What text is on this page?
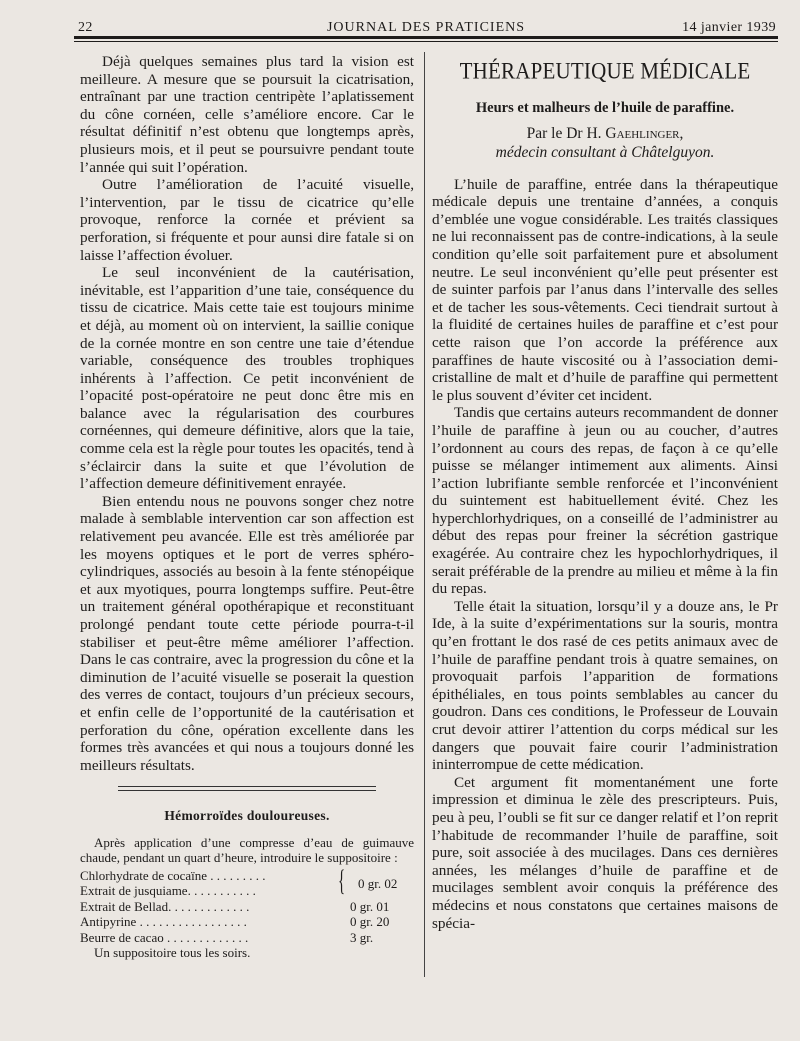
22	JOURNAL DES PRATICIENS	14 janvier 1939

Déjà quelques semaines plus tard la vision est meilleure. A mesure que se poursuit la cicatrisation, entraînant par une traction centripète l’aplatissement du cône cornéen, celle s’améliore encore. Car le résultat définitif n’est obtenu que longtemps après, plusieurs mois, et il peut se poursuivre pendant toute l’année qui suit l’opération.

Outre l’amélioration de l’acuité visuelle, l’intervention, par le tissu de cicatrice qu’elle provoque, renforce la cornée et prévient sa perforation, si fréquente et pour aunsi dire fatale si on laisse l’affection évoluer.

Le seul inconvénient de la cautérisation, inévitable, est l’apparition d’une taie, conséquence du tissu de cicatrice. Mais cette taie est toujours minime et déjà, au moment où on intervient, la saillie conique de la cornée montre en son centre une taie d’étendue variable, conséquence des troubles trophiques inhérents à l’affection. Ce petit inconvénient de l’opacité post-opératoire ne peut donc être mis en balance avec la régularisation des courbures cornéennes, qui demeure définitive, alors que la taie, comme cela est la règle pour toutes les opacités, tend à s’éclaircir dans la suite et que l’évolution de l’affection demeure définitivement enrayée.

Bien entendu nous ne pouvons songer chez notre malade à semblable intervention car son affection est relativement peu avancée. Elle est très améliorée par les moyens optiques et le port de verres sphéro-cylindriques, associés au besoin à la fente sténopéique et aux myotiques, pourra longtemps suffire. Peut-être un traitement général opothérapique et reconstituant prolongé pendant toute cette période pourra-t-il stabiliser et peut-être même améliorer l’affection. Dans le cas contraire, avec la progression du cône et la diminution de l’acuité visuelle se poserait la question des verres de contact, toujours d’un précieux secours, et enfin celle de l’opportunité de la cautérisation et perforation du cône, opération excellente dans les formes très avancées et qui nous a toujours donné les meilleurs résultats.

Hémorroïdes douloureuses.
Après application d’une compresse d’eau de guimauve chaude, pendant un quart d’heure, introduire le suppositoire :
Chlorhydrate de cocaïne . . . . . . . . . { 0 gr. 02
Extrait de jusquiame. . . . . . . . . . .
Extrait de Bellad. . . . . . . . . . . . .	0 gr. 01
Antipyrine . . . . . . . . . . . . . . . . .	0 gr. 20
Beurre de cacao . . . . . . . . . . . . .	3 gr.
Un suppositoire tous les soirs.
THÉRAPEUTIQUE MÉDICALE
Heurs et malheurs de l’huile de paraffine.
Par le Dr H. Gaehlinger,
médecin consultant à Châtelguyon.

L’huile de paraffine, entrée dans la thérapeutique médicale depuis une trentaine d’années, a conquis d’emblée une vogue considérable. Les traités classiques ne lui reconnaissent pas de contre-indications, à la seule condition qu’elle soit parfaitement pure et absolument neutre. Le seul inconvénient qu’elle peut présenter est de suinter parfois par l’anus dans l’intervalle des selles et de tacher les sous-vêtements. Ceci tiendrait surtout à la fluidité de certaines huiles de paraffine et c’est pour cette raison que l’on accorde la préférence aux paraffines de haute viscosité ou à l’association demi-cristalline de malt et d’huile de paraffine qui permettent le plus souvent d’éviter cet incident.

Tandis que certains auteurs recommandent de donner l’huile de paraffine à jeun ou au coucher, d’autres l’ordonnent au cours des repas, de façon à ce qu’elle puisse se mélanger intimement aux aliments. Ainsi l’action lubrifiante semble renforcée et l’inconvénient du suintement est habituellement évité. Chez les hyperchlorhydriques, on a conseillé de l’administrer au début des repas pour freiner la sécrétion gastrique exagérée. Au contraire chez les hypochlorhydriques, il serait préférable de la prendre au milieu et même à la fin du repas.

Telle était la situation, lorsqu’il y a douze ans, le Pr Ide, à la suite d’expérimentations sur la souris, montra qu’en frottant le dos rasé de ces petits animaux avec de l’huile de paraffine pendant trois à quatre semaines, on provoquait parfois l’apparition de formations épithéliales, en tous points semblables au cancer du goudron. Dans ces conditions, le Professeur de Louvain crut devoir attirer l’attention du corps médical sur les dangers que pouvait faire courir l’administration ininterrompue de cette médication.

Cet argument fit momentanément une forte impression et diminua le zèle des prescripteurs. Puis, peu à peu, l’oubli se fit sur ce danger relatif et l’on reprit l’habitude de recommander l’huile de paraffine, soit pure, soit associée à des mucilages. Dans ces dernières années, les mélanges d’huile de paraffine et de mucilages semblent avoir conquis la préférence des médecins et nous constatons que certaines maisons de spécia-
